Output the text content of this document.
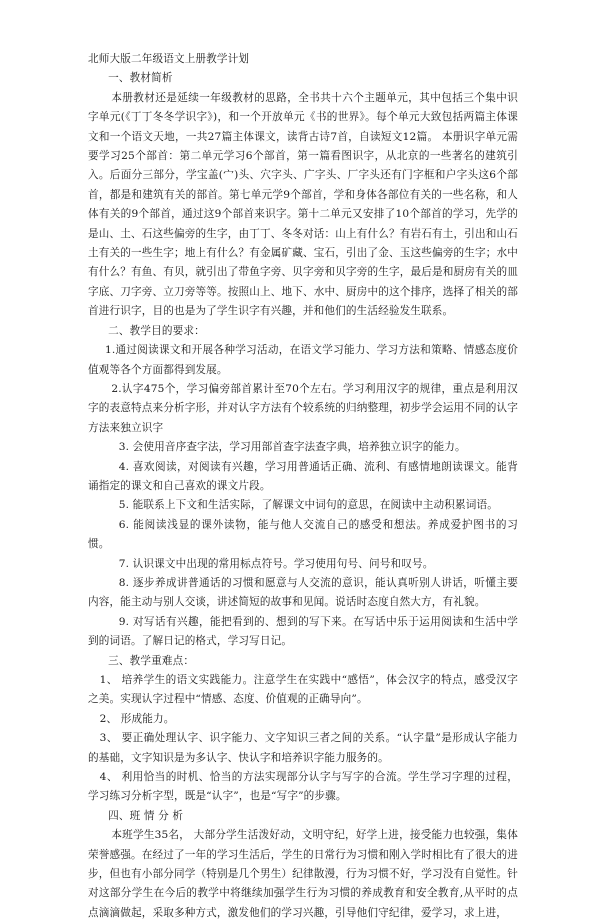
北师大版二年级语文上册教学计划

一、教材简析

本册教材还是延续一年级教材的思路，全书共十六个主题单元，其中包括三个集中识字单元(《丁丁冬冬学识字》)，和一个开放单元《书的世界》。每个单元大致包括两篇主体课文和一个语文天地，一共27篇主体课文，读背古诗7首，自读短文12篇。 本册识字单元需要学习25个部首：第二单元学习6个部首，第一篇看图识字，从北京的一些著名的建筑引入。后面分三部分，学宝盖(宀)头、穴字头、广字头、厂字头还有门字框和户字头这6个部首，都是和建筑有关的部首。第七单元学9个部首，学和身体各部位有关的一些名称，和人体有关的9个部首，通过这9个部首来识字。第十二单元又安排了10个部首的学习，先学的是山、土、石这些偏旁的生字，由丁丁、冬冬对话：山上有什么？有岩石有土，引出和山石土有关的一些生字；地上有什么？有金属矿藏、宝石，引出了金、玉这些偏旁的生字；水中有什么？有鱼、有贝，就引出了带鱼字旁、贝字旁和贝字旁的生字，最后是和厨房有关的皿字底、刀字旁、立刀旁等等。按照山上、地下、水中、厨房中的这个排序，选择了相关的部首进行识字，目的也是为了学生识字有兴趣，并和他们的生活经验发生联系。

二、教学目的要求：

1.通过阅读课文和开展各种学习活动，在语文学习能力、学习方法和策略、情感态度价值观等各个方面都得到发展。

2.认字475个，学习偏旁部首累计至70个左右。学习利用汉字的规律，重点是利用汉字的表意特点来分析字形，并对认字方法有个较系统的归纳整理，初步学会运用不同的认字方法来独立识字

3. 会使用音序查字法，学习用部首查字法查字典，培养独立识字的能力。

4. 喜欢阅读，对阅读有兴趣，学习用普通话正确、流利、有感情地朗读课文。能背诵指定的课文和自己喜欢的课文片段。

5. 能联系上下文和生活实际，了解课文中词句的意思，在阅读中主动积累词语。

6. 能阅读浅显的课外读物，能与他人交流自己的感受和想法。养成爱护图书的习惯。

7. 认识课文中出现的常用标点符号。学习使用句号、问号和叹号。

8. 逐步养成讲普通话的习惯和愿意与人交流的意识，能认真听别人讲话，听懂主要内容，能主动与别人交谈，讲述简短的故事和见闻。说话时态度自然大方，有礼貌。

9. 对写话有兴趣，能把看到的、想到的写下来。在写话中乐于运用阅读和生活中学到的词语。了解日记的格式，学习写日记。

三、教学重难点：

1、 培养学生的语文实践能力。注意学生在实践中“感悟”，体会汉字的特点，感受汉字之美。实现认字过程中“情感、态度、价值观的正确导向”。

2、 形成能力。

3、 要正确处理认字、识字能力、文字知识三者之间的关系。“认字量”是形成认字能力的基础，文字知识是为多认字、快认字和培养识字能力服务的。

4、 利用恰当的时机、恰当的方法实现部分认字与写字的合流。学生学习字理的过程，学习练习分析字型，既是“认字”，也是“写字”的步骤。

四、班 情 分 析

本班学生35名， 大部分学生活泼好动，文明守纪，好学上进，接受能力也较强，集体荣誉感强。在经过了一年的学习生活后，学生的日常行为习惯和刚入学时相比有了很大的进步，但也有小部分同学（特别是几个男生）纪律散漫，行为习惯不好，学习没有自觉性。针对这部分学生在今后的教学中将继续加强学生行为习惯的养成教育和安全教育,从平时的点点滴滴做起，采取多种方式，激发他们的学习兴趣，引导他们守纪律，爱学习，求上进，
